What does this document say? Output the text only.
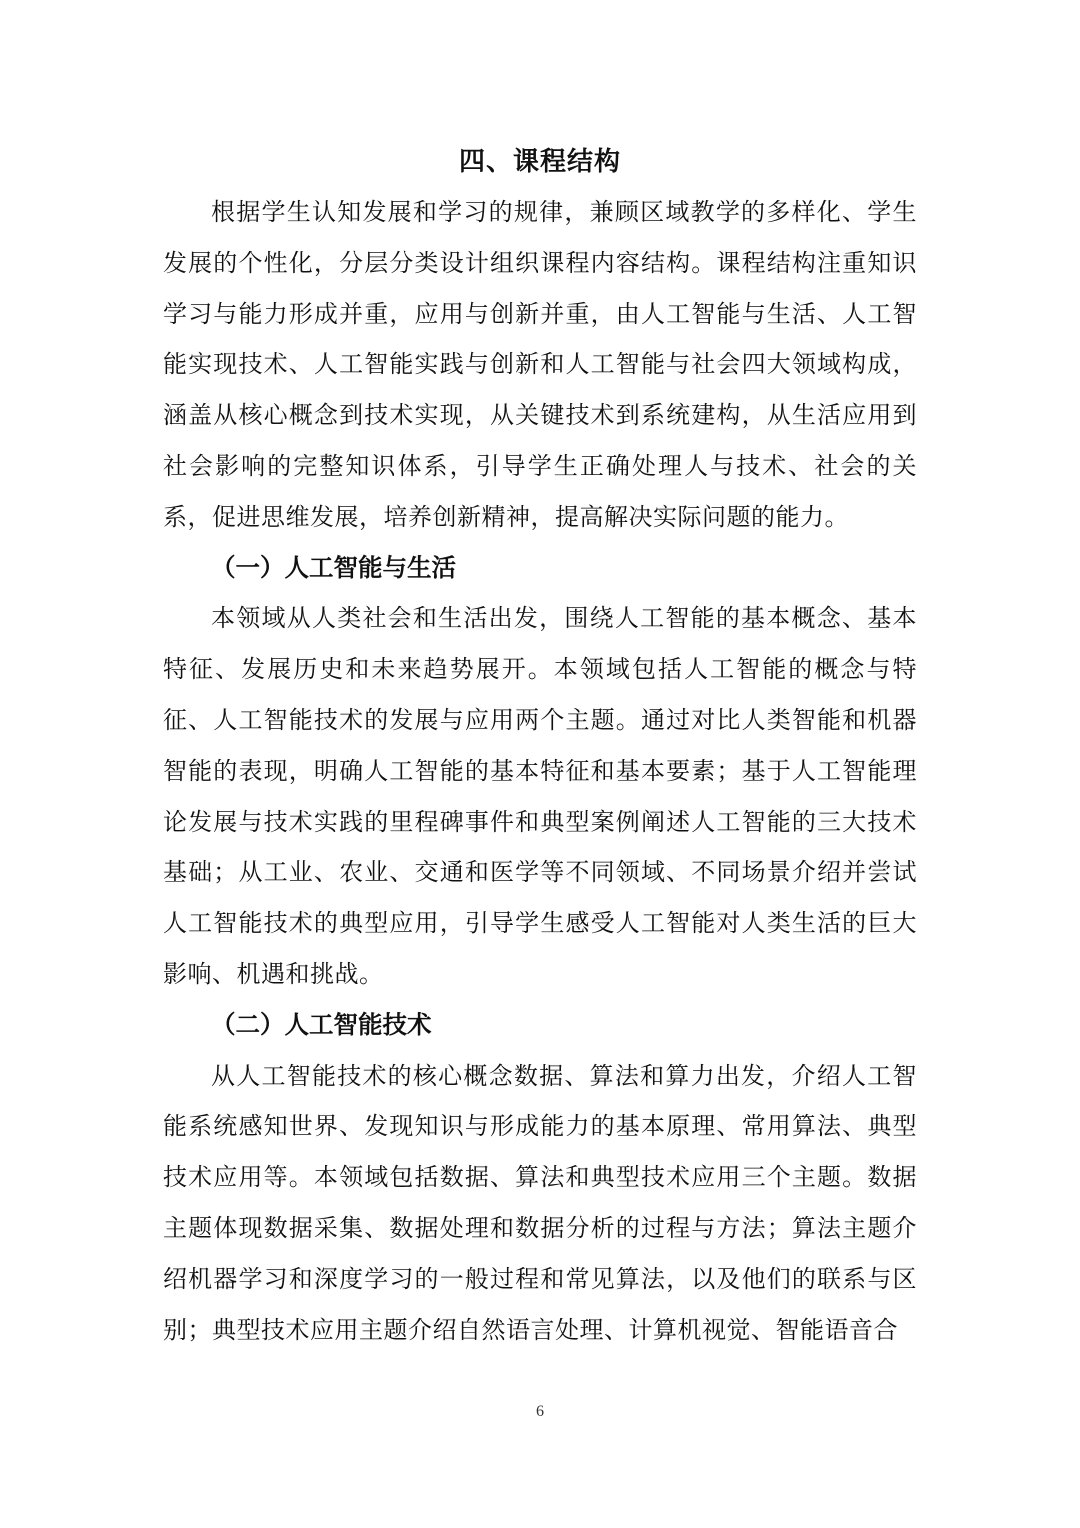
四、课程结构

根据学生认知发展和学习的规律，兼顾区域教学的多样化、学生发展的个性化，分层分类设计组织课程内容结构。课程结构注重知识学习与能力形成并重，应用与创新并重，由人工智能与生活、人工智能实现技术、人工智能实践与创新和人工智能与社会四大领域构成，涵盖从核心概念到技术实现，从关键技术到系统建构，从生活应用到社会影响的完整知识体系，引导学生正确处理人与技术、社会的关系，促进思维发展，培养创新精神，提高解决实际问题的能力。

（一）人工智能与生活

本领域从人类社会和生活出发，围绕人工智能的基本概念、基本特征、发展历史和未来趋势展开。本领域包括人工智能的概念与特征、人工智能技术的发展与应用两个主题。通过对比人类智能和机器智能的表现，明确人工智能的基本特征和基本要素；基于人工智能理论发展与技术实践的里程碑事件和典型案例阐述人工智能的三大技术基础；从工业、农业、交通和医学等不同领域、不同场景介绍并尝试人工智能技术的典型应用，引导学生感受人工智能对人类生活的巨大影响、机遇和挑战。

（二）人工智能技术

从人工智能技术的核心概念数据、算法和算力出发，介绍人工智能系统感知世界、发现知识与形成能力的基本原理、常用算法、典型技术应用等。本领域包括数据、算法和典型技术应用三个主题。数据主题体现数据采集、数据处理和数据分析的过程与方法；算法主题介绍机器学习和深度学习的一般过程和常见算法，以及他们的联系与区别；典型技术应用主题介绍自然语言处理、计算机视觉、智能语音合

6
